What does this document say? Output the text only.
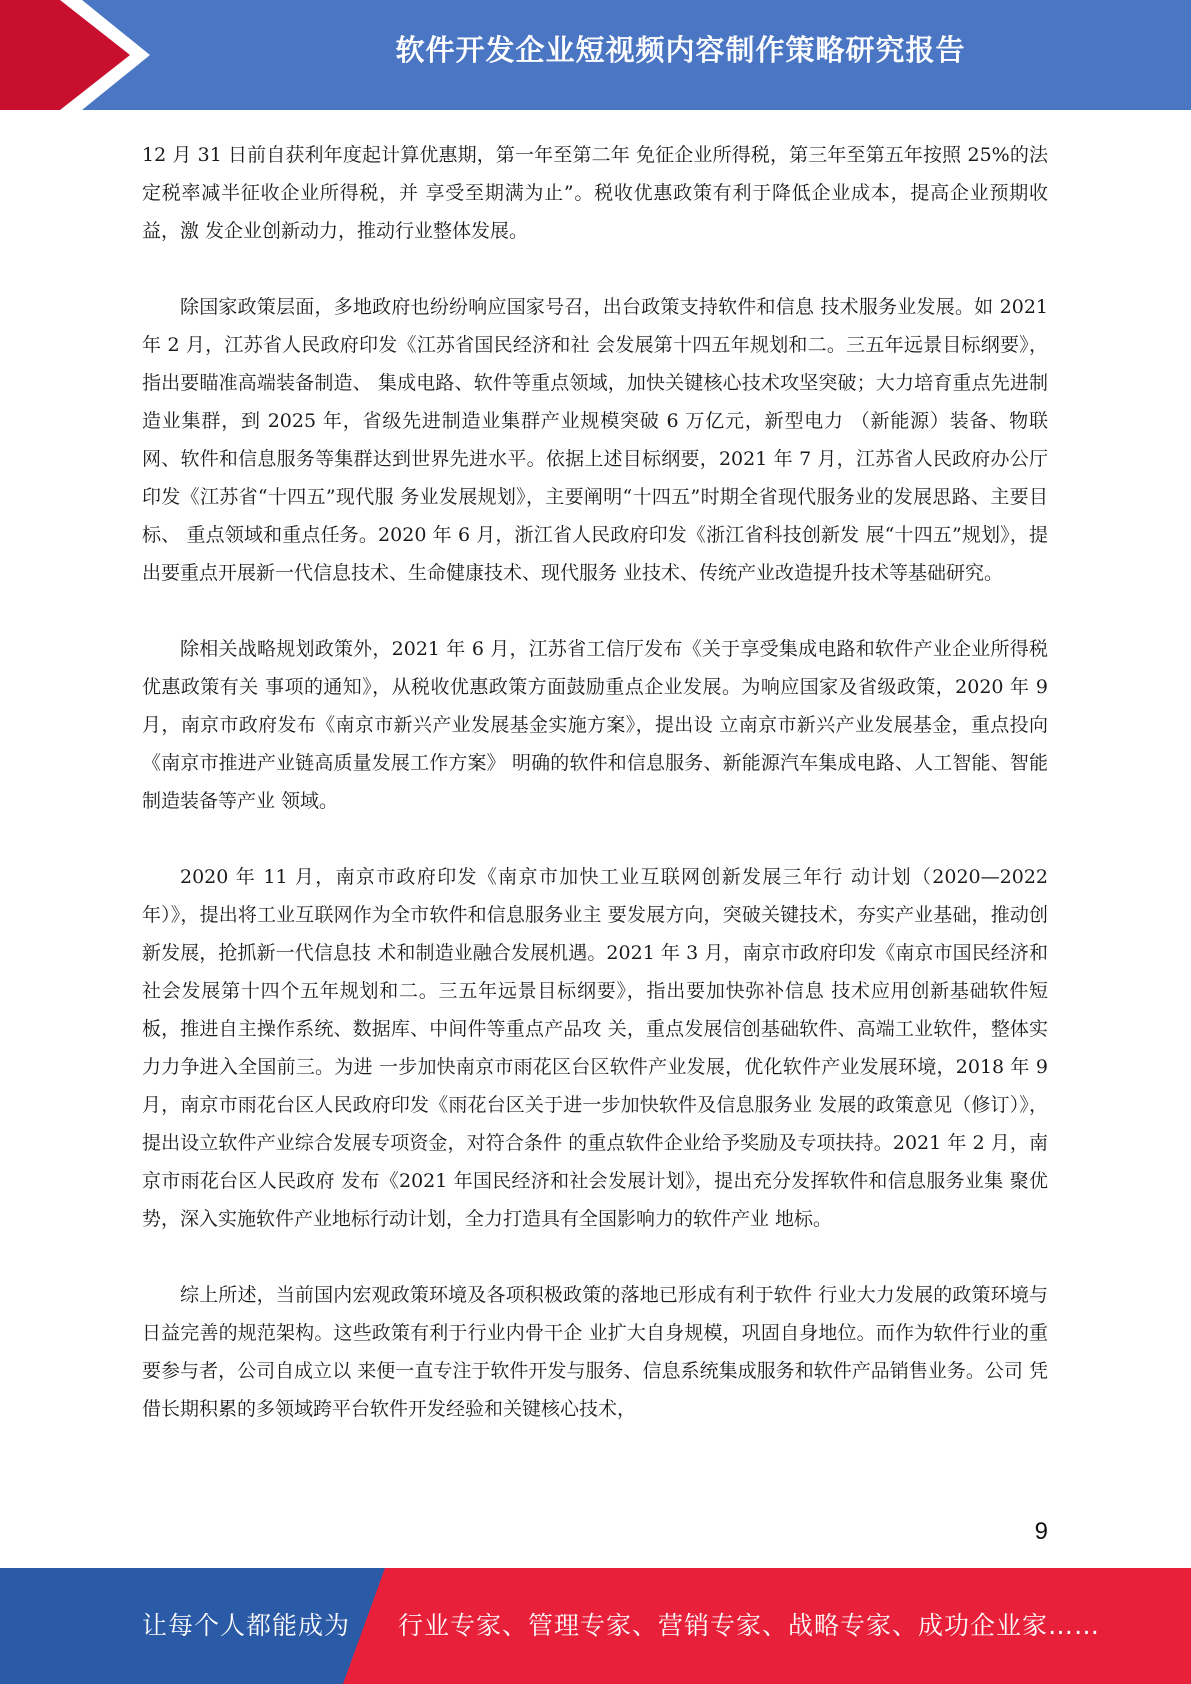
软件开发企业短视频内容制作策略研究报告

12 月 31 日前自获利年度起计算优惠期，第一年至第二年 免征企业所得税，第三年至第五年按照 25%的法定税率减半征收企业所得税，并 享受至期满为止”。税收优惠政策有利于降低企业成本，提高企业预期收益，激 发企业创新动力，推动行业整体发展。

除国家政策层面，多地政府也纷纷响应国家号召，出台政策支持软件和信息 技术服务业发展。如 2021 年 2 月，江苏省人民政府印发《江苏省国民经济和社 会发展第十四五年规划和二。三五年远景目标纲要》，指出要瞄准高端装备制造、 集成电路、软件等重点领域，加快关键核心技术攻坚突破；大力培育重点先进制 造业集群，到 2025 年，省级先进制造业集群产业规模突破 6 万亿元，新型电力 （新能源）装备、物联网、软件和信息服务等集群达到世界先进水平。依据上述目标纲要，2021 年 7 月，江苏省人民政府办公厅印发《江苏省“十四五”现代服 务业发展规划》，主要阐明“十四五”时期全省现代服务业的发展思路、主要目标、 重点领域和重点任务。2020 年 6 月，浙江省人民政府印发《浙江省科技创新发 展“十四五”规划》，提出要重点开展新一代信息技术、生命健康技术、现代服务 业技术、传统产业改造提升技术等基础研究。

除相关战略规划政策外，2021 年 6 月，江苏省工信厅发布《关于享受集成电路和软件产业企业所得税优惠政策有关 事项的通知》，从税收优惠政策方面鼓励重点企业发展。为响应国家及省级政策，2020 年 9 月，南京市政府发布《南京市新兴产业发展基金实施方案》，提出设 立南京市新兴产业发展基金，重点投向《南京市推进产业链高质量发展工作方案》 明确的软件和信息服务、新能源汽车集成电路、人工智能、智能制造装备等产业 领域。

2020 年 11 月，南京市政府印发《南京市加快工业互联网创新发展三年行 动计划（2020—2022 年）》，提出将工业互联网作为全市软件和信息服务业主 要发展方向，突破关键技术，夯实产业基础，推动创新发展，抢抓新一代信息技 术和制造业融合发展机遇。2021 年 3 月，南京市政府印发《南京市国民经济和 社会发展第十四个五年规划和二。三五年远景目标纲要》，指出要加快弥补信息 技术应用创新基础软件短板，推进自主操作系统、数据库、中间件等重点产品攻 关，重点发展信创基础软件、高端工业软件，整体实力力争进入全国前三。为进 一步加快南京市雨花区台区软件产业发展，优化软件产业发展环境，2018 年 9 月，南京市雨花台区人民政府印发《雨花台区关于进一步加快软件及信息服务业 发展的政策意见（修订）》，提出设立软件产业综合发展专项资金，对符合条件 的重点软件企业给予奖励及专项扶持。2021 年 2 月，南京市雨花台区人民政府 发布《2021 年国民经济和社会发展计划》，提出充分发挥软件和信息服务业集 聚优势，深入实施软件产业地标行动计划，全力打造具有全国影响力的软件产业 地标。

综上所述，当前国内宏观政策环境及各项积极政策的落地已形成有利于软件 行业大力发展的政策环境与日益完善的规范架构。这些政策有利于行业内骨干企 业扩大自身规模，巩固自身地位。而作为软件行业的重要参与者，公司自成立以 来便一直专注于软件开发与服务、信息系统集成服务和软件产品销售业务。公司 凭借长期积累的多领域跨平台软件开发经验和关键核心技术，

9
让每个人都能成为 行业专家、管理专家、营销专家、战略专家、成功企业家……
